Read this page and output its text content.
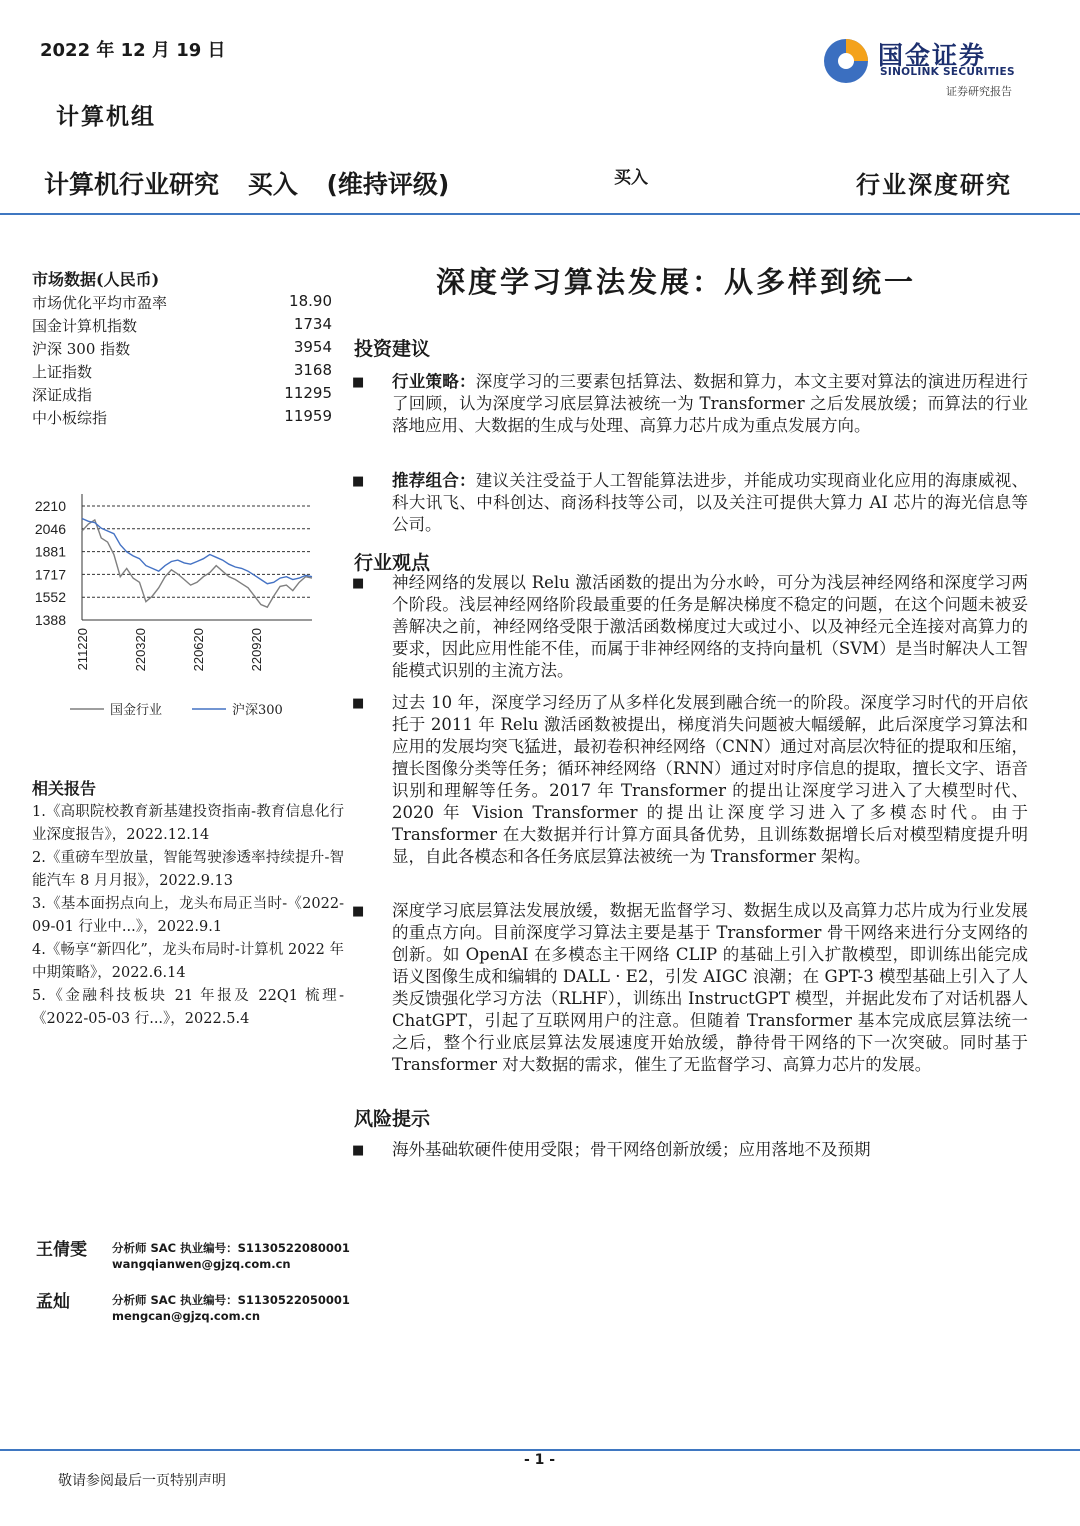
2022 年 12 月 19 日
计算机组
国金证券
SINOLINK SECURITIES
证券研究报告
计算机行业研究 买入 (维持评级)	买入	行业深度研究
市场数据(人民币)
市场优化平均市盈率	18.90
国金计算机指数	1734
沪深 300 指数	3954
上证指数	3168
深证成指	11295
中小板综指	11959
2210
2046
1881
1717
1552
1388
211220	220320	220620	220920
国金行业	沪深300
相关报告
1.《高职院校教育新基建投资指南-教育信息化行业深度报告》，2022.12.14
2.《重磅车型放量，智能驾驶渗透率持续提升-智能汽车 8 月月报》，2022.9.13
3.《基本面拐点向上，龙头布局正当时-《2022-09-01 行业中...》，2022.9.1
4.《畅享“新四化”，龙头布局时-计算机 2022 年中期策略》，2022.6.14
5.《金融科技板块 21 年报及 22Q1 梳理-《2022-05-03 行...》，2022.5.4
王倩雯 分析师 SAC 执业编号：S1130522080001
wangqianwen@gjzq.com.cn
孟灿	分析师 SAC 执业编号：S1130522050001
mengcan@gjzq.com.cn
深度学习算法发展：从多样到统一
投资建议
■ 行业策略：深度学习的三要素包括算法、数据和算力，本文主要对算法的演进历程进行了回顾，认为深度学习底层算法被统一为 Transformer 之后发展放缓；而算法的行业落地应用、大数据的生成与处理、高算力芯片成为重点发展方向。
■ 推荐组合：建议关注受益于人工智能算法进步，并能成功实现商业化应用的海康威视、科大讯飞、中科创达、商汤科技等公司，以及关注可提供大算力 AI 芯片的海光信息等公司。
行业观点
■ 神经网络的发展以 Relu 激活函数的提出为分水岭，可分为浅层神经网络和深度学习两个阶段。浅层神经网络阶段最重要的任务是解决梯度不稳定的问题，在这个问题未被妥善解决之前，神经网络受限于激活函数梯度过大或过小、以及神经元全连接对高算力的要求，因此应用性能不佳，而属于非神经网络的支持向量机（SVM）是当时解决人工智能模式识别的主流方法。
■ 过去 10 年，深度学习经历了从多样化发展到融合统一的阶段。深度学习时代的开启依托于 2011 年 Relu 激活函数被提出，梯度消失问题被大幅缓解，此后深度学习算法和应用的发展均突飞猛进，最初卷积神经网络（CNN）通过对高层次特征的提取和压缩，擅长图像分类等任务；循环神经网络（RNN）通过对时序信息的提取，擅长文字、语音识别和理解等任务。2017 年 Transformer 的提出让深度学习进入了大模型时代、2020 年 Vision Transformer 的提出让深度学习进入了多模态时代。由于 Transformer 在大数据并行计算方面具备优势，且训练数据增长后对模型精度提升明显，自此各模态和各任务底层算法被统一为 Transformer 架构。
■ 深度学习底层算法发展放缓，数据无监督学习、数据生成以及高算力芯片成为行业发展的重点方向。目前深度学习算法主要是基于 Transformer 骨干网络来进行分支网络的创新。如 OpenAI 在多模态主干网络 CLIP 的基础上引入扩散模型，即训练出能完成语义图像生成和编辑的 DALL · E2，引发 AIGC 浪潮；在 GPT-3 模型基础上引入了人类反馈强化学习方法（RLHF），训练出 InstructGPT 模型，并据此发布了对话机器人 ChatGPT，引起了互联网用户的注意。但随着 Transformer 基本完成底层算法统一之后，整个行业底层算法发展速度开始放缓，静待骨干网络的下一次突破。同时基于 Transformer 对大数据的需求，催生了无监督学习、高算力芯片的发展。
风险提示
■ 海外基础软硬件使用受限；骨干网络创新放缓；应用落地不及预期
- 1 -
敬请参阅最后一页特别声明
